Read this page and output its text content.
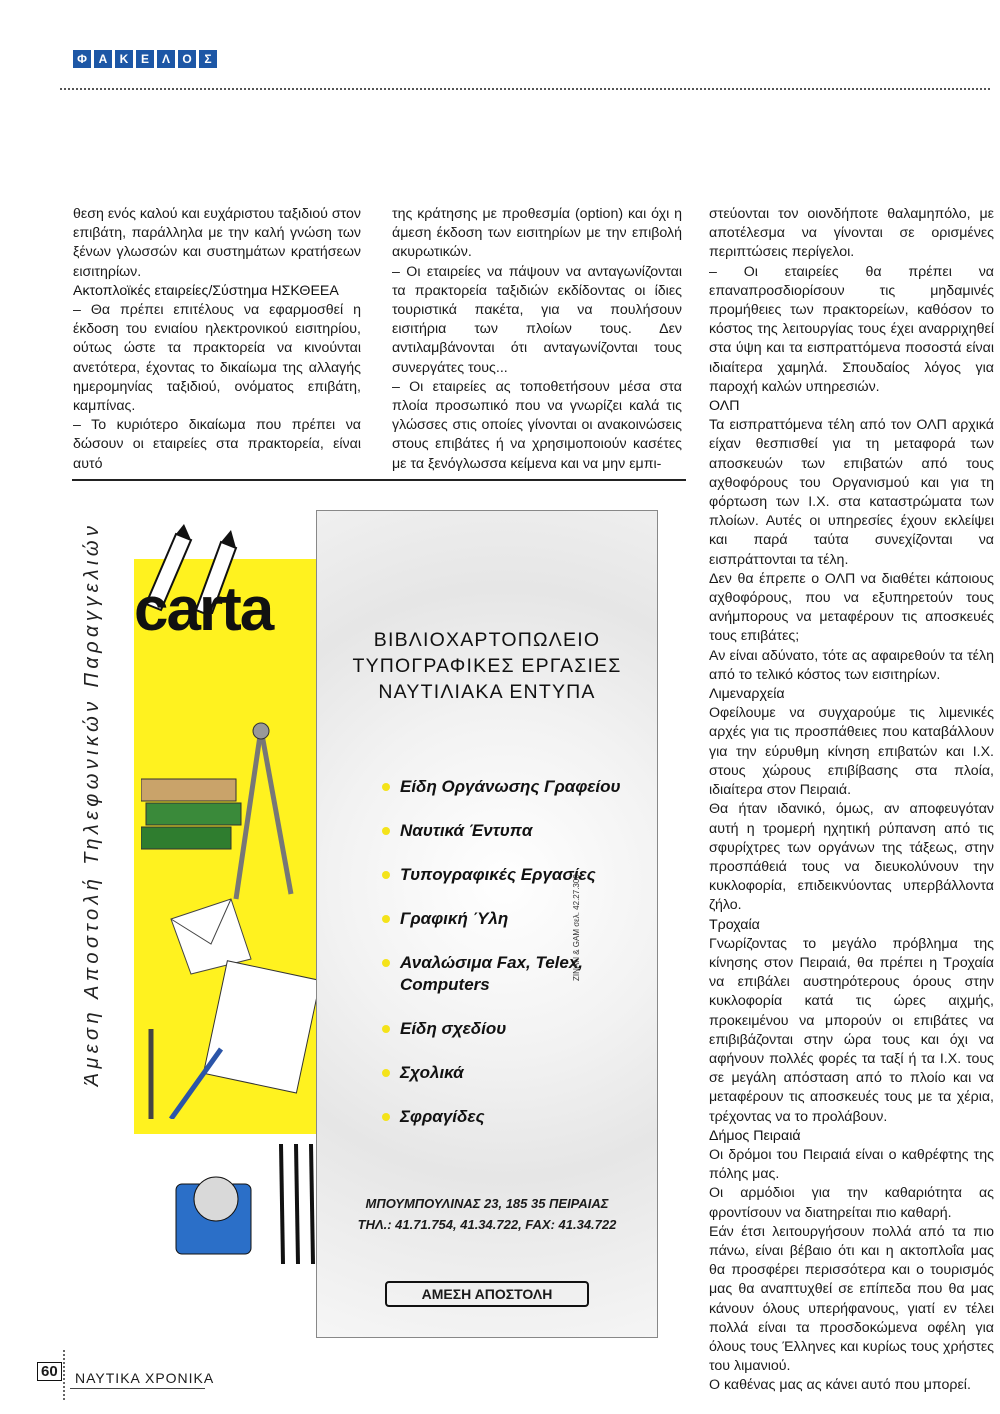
Φ Α	Κ	Ε	Λ	Ο	Σ

θεση ενός καλού και ευχάριστου ταξιδιού στον επιβάτη, παράλληλα με την καλή γνώση των ξένων γλωσσών και συστημάτων κρατήσεων εισιτηρίων.

Ακτοπλοϊκές εταιρείες/Σύστημα ΗΣΚΘΕΕΑ

– Θα πρέπει επιτέλους να εφαρμοσθεί η έκδοση του ενιαίου ηλεκτρονικού εισιτηρίου, ούτως ώστε τα πρακτορεία να κινούνται ανετότερα, έχοντας το δικαίωμα της αλλαγής ημερομηνίας ταξιδιού, ονόματος επιβάτη, καμπίνας.

– Το κυριότερο δικαίωμα που πρέπει να δώσουν οι εταιρείες στα πρακτορεία, είναι αυτό

της κράτησης με προθεσμία (option) και όχι η άμεση έκδοση των εισιτηρίων με την επιβολή ακυρωτικών.

– Οι εταιρείες να πάψουν να ανταγωνίζονται τα πρακτορεία ταξιδιών εκδίδοντας οι ίδιες τουριστικά πακέτα, για να πουλήσουν εισιτήρια των πλοίων τους. Δεν αντιλαμβάνονται ότι ανταγωνίζονται τους συνεργάτες τους...

– Οι εταιρείες ας τοποθετήσουν μέσα στα πλοία προσωπικό που να γνωρίζει καλά τις γλώσσες στις οποίες γίνονται οι ανακοινώσεις στους επιβάτες ή να χρησιμοποιούν κασέτες με τα ξενόγλωσσα κείμενα και να μην εμπι-

στεύονται τον οιονδήποτε θαλαμηπόλο, με αποτέλεσμα να γίνονται σε ορισμένες περιπτώσεις περίγελοι.

– Οι εταιρείες θα πρέπει να επαναπροσδιορίσουν τις μηδαμινές προμήθειες των πρακτορείων, καθόσον το κόστος της λειτουργίας τους έχει αναρριχηθεί στα ύψη και τα εισπραττόμενα ποσοστά είναι ιδιαίτερα χαμηλά. Σπουδαίος λόγος για παροχή καλών υπηρεσιών.

ΟΛΠ

Τα εισπραττόμενα τέλη από τον ΟΛΠ αρχικά είχαν θεσπισθεί για τη μεταφορά των αποσκευών των επιβατών από τους αχθοφόρους του Οργανισμού και για τη φόρτωση των Ι.Χ. στα καταστρώματα των πλοίων. Αυτές οι υπηρεσίες έχουν εκλείψει και παρά ταύτα συνεχίζονται να εισπράττονται τα τέλη.

Δεν θα έπρεπε ο ΟΛΠ να διαθέτει κάποιους αχθοφόρους, που να εξυπηρετούν τους ανήμπορους να μεταφέρουν τις αποσκευές τους επιβάτες;

Αν είναι αδύνατο, τότε ας αφαιρεθούν τα τέλη από το τελικό κόστος των εισιτηρίων.

Λιμεναρχεία

Οφείλουμε να συγχαρούμε τις λιμενικές αρχές για τις προσπάθειες που καταβάλλουν για την εύρυθμη κίνηση επιβατών και Ι.Χ. στους χώρους επιβίβασης στα πλοία, ιδιαίτερα στον Πειραιά.

Θα ήταν ιδανικό, όμως, αν αποφευγόταν αυτή η τρομερή ηχητική ρύπανση από τις σφυρίχτρες των οργάνων της τάξεως, στην προσπάθειά τους να διευκολύνουν την κυκλοφορία, επιδεικνύοντας υπερβάλλοντα ζήλο.

Τροχαία

Γνωρίζοντας το μεγάλο πρόβλημα της κίνησης στον Πειραιά, θα πρέπει η Τροχαία να επιβάλει αυστηρότερους όρους στην κυκλοφορία κατά τις ώρες αιχμής, προκειμένου να μπορούν οι επιβάτες να επιβιβάζονται στην ώρα τους και όχι να αφήνουν πολλές φορές τα ταξί ή τα Ι.Χ. τους σε μεγάλη απόσταση από το πλοίο και να μεταφέρουν τις αποσκευές τους με τα χέρια, τρέχοντας να το προλάβουν.

Δήμος Πειραιά

Οι δρόμοι του Πειραιά είναι ο καθρέφτης της πόλης μας.

Οι αρμόδιοι για την καθαριότητα ας φροντίσουν να διατηρείται πιο καθαρή.

Εάν έτσι λειτουργήσουν πολλά από τα πιο πάνω, είναι βέβαιο ότι και η ακτοπλοΐα μας θα προσφέρει περισσότερα και ο τουρισμός μας θα αναπτυχθεί σε επίπεδα που θα μας κάνουν όλους υπερήφανους, γιατί εν τέλει πολλά είναι τα προσδοκώμενα οφέλη για όλους τους Έλληνες και κυρίως τους χρήστες του λιμανιού.

Ο καθένας μας ας κάνει αυτό που μπορεί.

Άμεση Αποστολή Τηλεφωνικών Παραγγελιών carta	ΒΙΒΛΙΟΧΑΡΤΟΠΩΛΕΙΟ
ΤΥΠΟΓΡΑΦΙΚΕΣ ΕΡΓΑΣΙΕΣ
ΝΑΥΤΙΛΙΑΚΑ ΕΝΤΥΠΑ
Είδη Οργάνωσης Γραφείου
Ναυτικά Έντυπα
Τυπογραφικές Εργασίες
Γραφική Ύλη
Αναλώσιμα Fax, Telex, Computers
Είδη σχεδίου
Σχολικά
Σφραγίδες
ΜΠΟΥΜΠΟΥΛΙΝΑΣ 23, 185 35 ΠΕΙΡΑΙΑΣ
ΤΗΛ.: 41.71.754, 41.34.722, FAX: 41.34.722
ΑΜΕΣΗ ΑΠΟΣΤΟΛΗ
ZINAN & GAM σελ. 42.27.300
60 ΝΑΥΤΙΚΑ ΧΡΟΝΙΚΑ
